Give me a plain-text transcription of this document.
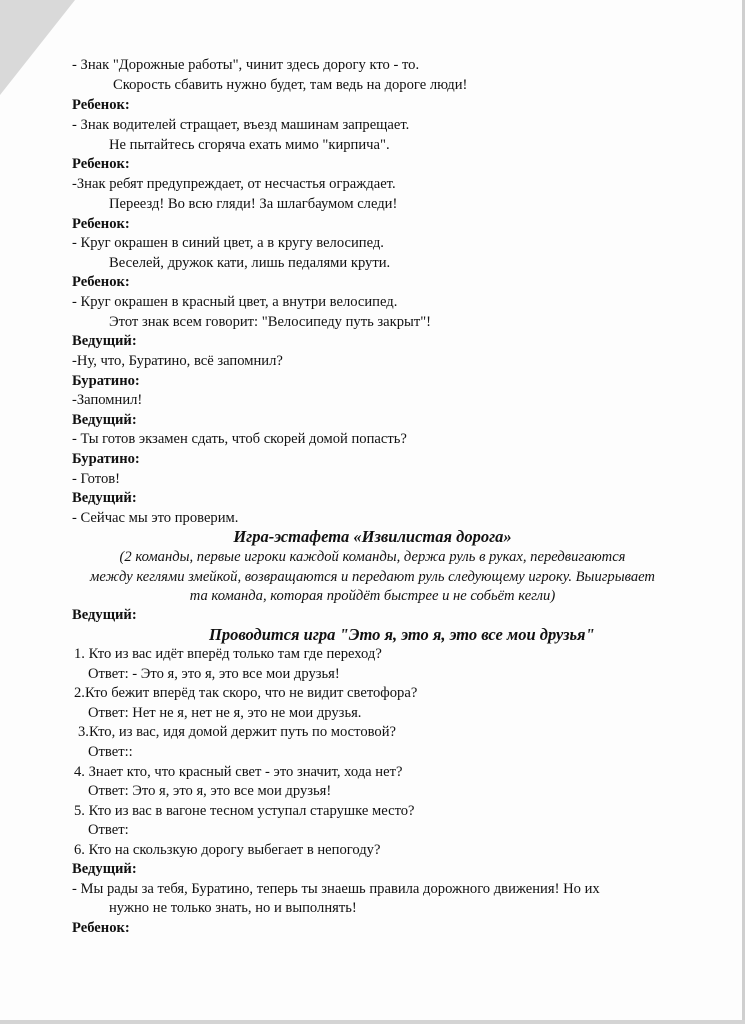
- Знак "Дорожные работы", чинит здесь дорогу кто - то.
Скорость сбавить нужно будет, там ведь на дороге люди!
Ребенок:
- Знак водителей стращает, въезд машинам запрещает.
Не пытайтесь сгоряча ехать мимо "кирпича".
Ребенок:
-Знак ребят предупреждает, от несчастья ограждает.
Переезд! Во всю гляди! За шлагбаумом следи!
Ребенок:
- Круг окрашен в синий цвет, а в кругу велосипед.
Веселей, дружок кати, лишь педалями крути.
Ребенок:
- Круг окрашен в красный цвет, а внутри велосипед.
Этот знак всем говорит: "Велосипеду путь закрыт"!
Ведущий:
-Ну, что, Буратино, всё запомнил?
Буратино:
-Запомнил!
Ведущий:
- Ты готов экзамен сдать, чтоб скорей домой попасть?
Буратино:
- Готов!
Ведущий:
- Сейчас мы это проверим.
Игра-эстафета «Извилистая дорога»
(2 команды, первые игроки каждой команды, держа руль в руках, передвигаются
между кеглями змейкой, возвращаются и передают руль следующему игроку. Выигрывает
та команда, которая пройдёт быстрее и не собьёт кегли)
Ведущий:
Проводится игра "Это я, это я, это все мои друзья"
1. Кто из вас идёт вперёд только там где переход?
Ответ: - Это я, это я, это все мои друзья!
2.Кто бежит вперёд так скоро, что не видит светофора?
Ответ: Нет не я, нет не я, это не мои друзья.
3.Кто, из вас, идя домой держит путь по мостовой?
Ответ::
4. Знает кто, что красный свет - это значит, хода нет?
Ответ: Это я, это я, это все мои друзья!
5. Кто из вас в вагоне тесном уступал старушке место?
Ответ:
6. Кто на скользкую дорогу выбегает в непогоду?
Ведущий:
- Мы рады за тебя, Буратино, теперь ты знаешь правила дорожного движения! Но их
нужно не только знать, но и выполнять!
Ребенок:
